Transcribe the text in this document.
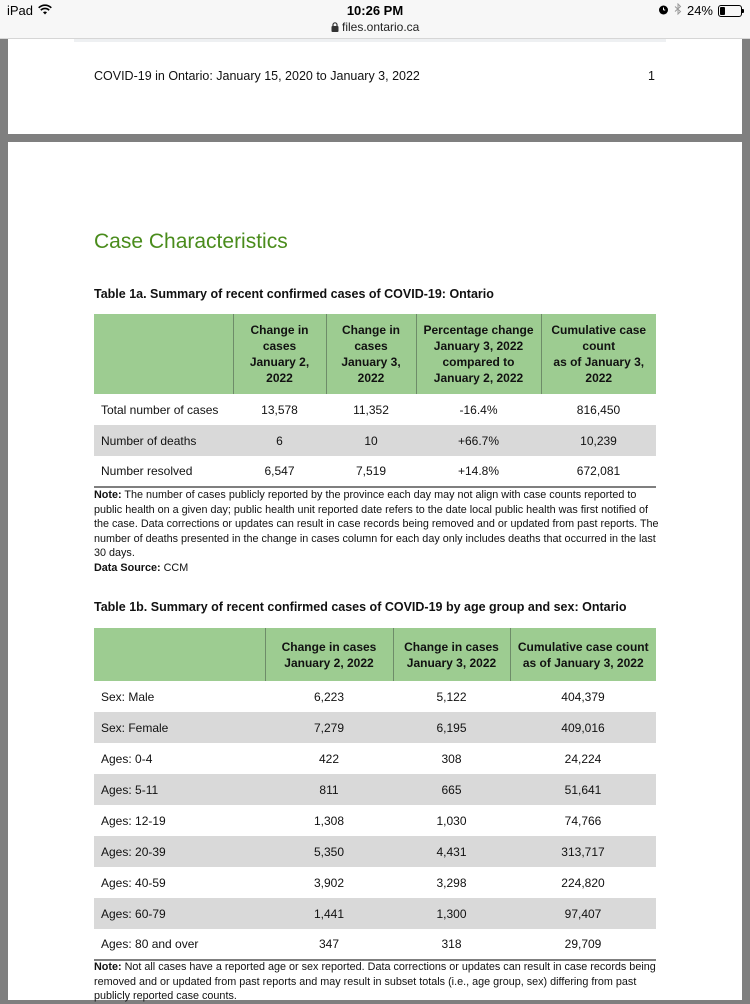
iPad	10:26 PM
files.ontario.ca
24%
COVID-19 in Ontario: January 15, 2020 to January 3, 2022	1
Case Characteristics
Table 1a. Summary of recent confirmed cases of COVID-19: Ontario

Change in
cases
January 2,
2022

Change in
cases
January 3,
2022

Percentage change
January 3, 2022
compared to
January 2, 2022

Cumulative case
count
as of January 3,
2022

Total number of cases	13,578	11,352	-16.4%	816,450
Number of deaths	6	10	+66.7%	10,239
Number resolved	6,547	7,519	+14.8%	672,081
Note: The number of cases publicly reported by the province each day may not align with case counts reported to public health on a given day; public health unit reported date refers to the date local public health was first notified of the case. Data corrections or updates can result in case records being removed and or updated from past reports. The number of deaths presented in the change in cases column for each day only includes deaths that occurred in the last 30 days.
Data Source: CCM
Table 1b. Summary of recent confirmed cases of COVID-19 by age group and sex: Ontario

Change in cases
January 2, 2022

Change in cases
January 3, 2022

Cumulative case count
as of January 3, 2022

Sex: Male	6,223	5,122	404,379
Sex: Female	7,279	6,195	409,016
Ages: 0-4	422	308	24,224
Ages: 5-11	811	665	51,641
Ages: 12-19	1,308	1,030	74,766
Ages: 20-39	5,350	4,431	313,717
Ages: 40-59	3,902	3,298	224,820
Ages: 60-79	1,441	1,300	97,407
Ages: 80 and over	347	318	29,709
Note: Not all cases have a reported age or sex reported. Data corrections or updates can result in case records being removed and or updated from past reports and may result in subset totals (i.e., age group, sex) differing from past publicly reported case counts.
